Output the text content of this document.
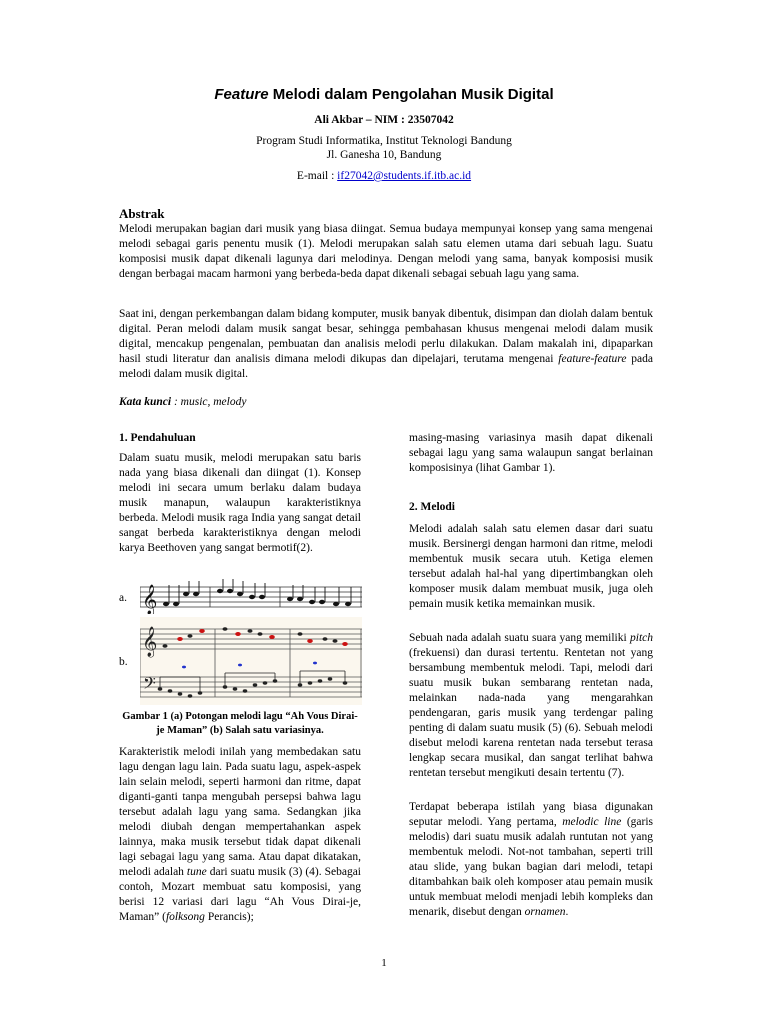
Feature Melodi dalam Pengolahan Musik Digital
Ali Akbar – NIM : 23507042
Program Studi Informatika, Institut Teknologi Bandung
Jl. Ganesha 10, Bandung
E-mail : if27042@students.if.itb.ac.id
Abstrak

Melodi merupakan bagian dari musik yang biasa diingat. Semua budaya mempunyai konsep yang sama mengenai melodi sebagai garis penentu musik (1). Melodi merupakan salah satu elemen utama dari sebuah lagu. Suatu komposisi musik dapat dikenali lagunya dari melodinya. Dengan melodi yang sama, banyak komposisi musik dengan berbagai macam harmoni yang berbeda-beda dapat dikenali sebagai sebuah lagu yang sama.

Saat ini, dengan perkembangan dalam bidang komputer, musik banyak dibentuk, disimpan dan diolah dalam bentuk digital. Peran melodi dalam musik sangat besar, sehingga pembahasan khusus mengenai melodi dalam musik digital, mencakup pengenalan, pembuatan dan analisis melodi perlu dilakukan. Dalam makalah ini, dipaparkan hasil studi literatur dan analisis dimana melodi dikupas dan dipelajari, terutama mengenai feature-feature pada melodi dalam musik digital.

Kata kunci : music, melody
1. Pendahuluan

Dalam suatu musik, melodi merupakan satu baris nada yang biasa dikenali dan diingat (1). Konsep melodi ini secara umum berlaku dalam budaya musik manapun, walaupun karakteristiknya berbeda. Melodi musik raga India yang sangat detail sangat berbeda karakteristiknya dengan melodi karya Beethoven yang sangat bermotif(2).

a. 𝄞
b.
𝄞
𝄢

Gambar 1 (a) Potongan melodi lagu “Ah Vous Dirai-je Maman” (b) Salah satu variasinya.

Karakteristik melodi inilah yang membedakan satu lagu dengan lagu lain. Pada suatu lagu, aspek-aspek lain selain melodi, seperti harmoni dan ritme, dapat diganti-ganti tanpa mengubah persepsi bahwa lagu tersebut adalah lagu yang sama. Sedangkan jika melodi diubah dengan mempertahankan aspek lainnya, maka musik tersebut tidak dapat dikenali lagi sebagai lagu yang sama. Atau dapat dikatakan, melodi adalah tune dari suatu musik (3) (4). Sebagai contoh, Mozart membuat satu komposisi, yang berisi 12 variasi dari lagu “Ah Vous Dirai-je, Maman” (folksong Perancis);

masing-masing variasinya masih dapat dikenali sebagai lagu yang sama walaupun sangat berlainan komposisinya (lihat Gambar 1).

2. Melodi

Melodi adalah salah satu elemen dasar dari suatu musik. Bersinergi dengan harmoni dan ritme, melodi membentuk musik secara utuh. Ketiga elemen tersebut adalah hal-hal yang dipertimbangkan oleh komposer musik dalam membuat musik, juga oleh pemain musik ketika memainkan musik.

Sebuah nada adalah suatu suara yang memiliki pitch (frekuensi) dan durasi tertentu. Rentetan not yang bersambung membentuk melodi. Tapi, melodi dari suatu musik bukan sembarang rentetan nada, melainkan nada-nada yang mengarahkan pendengaran, garis musik yang terdengar paling penting di dalam suatu musik (5) (6). Sebuah melodi disebut melodi karena rentetan nada tersebut terasa lengkap secara musikal, dan sangat terlihat bahwa rentetan tersebut mengikuti desain tertentu (7).

Terdapat beberapa istilah yang biasa digunakan seputar melodi. Yang pertama, melodic line (garis melodis) dari suatu musik adalah runtutan not yang membentuk melodi. Not-not tambahan, seperti trill atau slide, yang bukan bagian dari melodi, tetapi ditambahkan baik oleh komposer atau pemain musik untuk membuat melodi menjadi lebih kompleks dan menarik, disebut dengan ornamen.

1
